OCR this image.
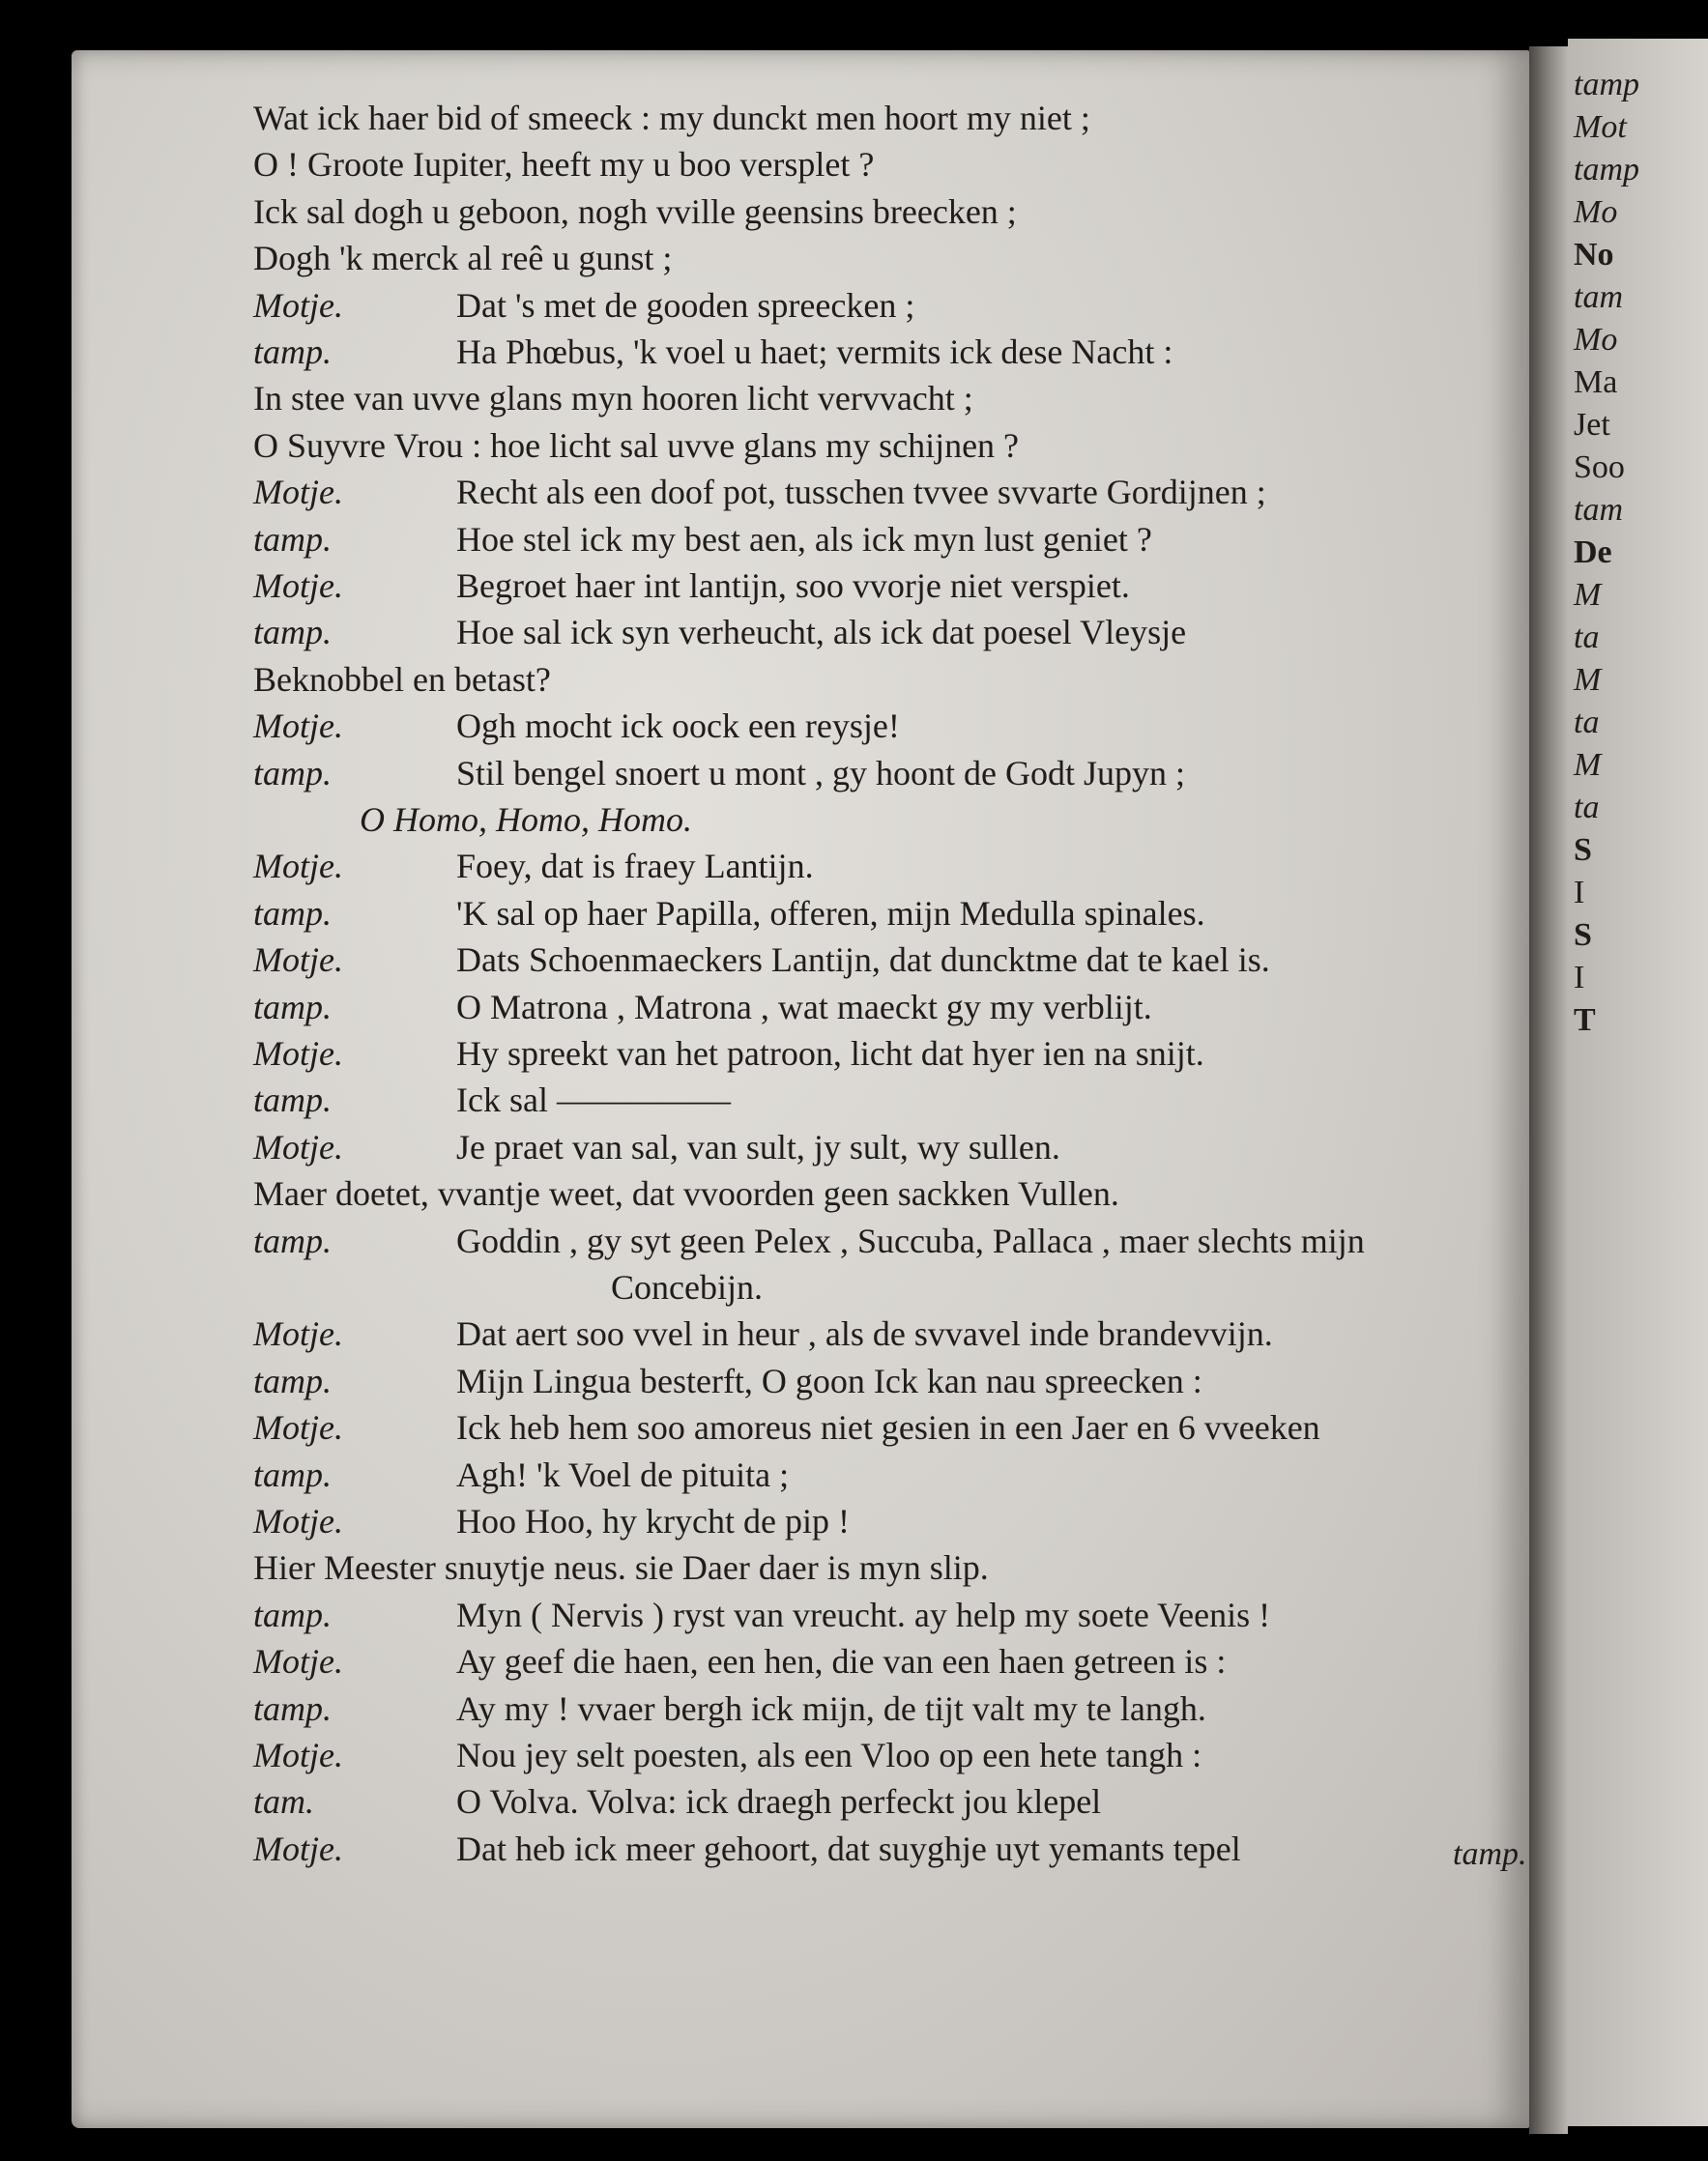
tamp
Mot
tamp
Mo
No
tam
Mo
Ma
Jet
Soo
tam
De
M
ta
M
ta
M
ta
S
I
S
I
T
Wat ick haer bid of smeeck : my dunckt men hoort my niet ;
O ! Groote Iupiter, heeft my u boo versplet ?
Ick sal dogh u geboon, nogh vville geensins breecken ;
Dogh 'k merck al reê u gunst ;
Motje.	Dat 's met de gooden spreecken ;
tamp.	Ha Phœbus, 'k voel u haet; vermits ick dese Nacht :
In stee van uvve glans myn hooren licht vervvacht ;
O Suyvre Vrou : hoe licht sal uvve glans my schijnen ?
Motje.	Recht als een doof pot, tusschen tvvee svvarte Gordijnen ;
tamp.	Hoe stel ick my best aen, als ick myn lust geniet ?
Motje.	Begroet haer int lantijn, soo vvorje niet verspiet.
tamp.	Hoe sal ick syn verheucht, als ick dat poesel Vleysje
Beknobbel en betast?
Motje.	Ogh mocht ick oock een reysje!
tamp.	Stil bengel snoert u mont , gy hoont de Godt Jupyn ;
O Homo, Homo, Homo.
Motje.	Foey, dat is fraey Lantijn.
tamp.	'K sal op haer Papilla, offeren, mijn Medulla spinales.
Motje.	Dats Schoenmaeckers Lantijn, dat duncktme dat te kael is.
tamp.	O Matrona , Matrona , wat maeckt gy my verblijt.
Motje.	Hy spreekt van het patroon, licht dat hyer ien na snijt.
tamp.	Ick sal —————
Motje.	Je praet van sal, van sult, jy sult, wy sullen.
Maer doetet, vvantje weet, dat vvoorden geen sackken Vullen.
tamp.	Goddin , gy syt geen Pelex , Succuba, Pallaca , maer slechts mijn
Concebijn.
Motje.	Dat aert soo vvel in heur , als de svvavel inde brandevvijn.
tamp.	Mijn Lingua besterft, O goon Ick kan nau spreecken :
Motje.	Ick heb hem soo amoreus niet gesien in een Jaer en 6 vveeken
tamp.	Agh! 'k Voel de pituita ;
Motje.	Hoo Hoo, hy krycht de pip !
Hier Meester snuytje neus. sie Daer daer is myn slip.
tamp.	Myn ( Nervis ) ryst van vreucht. ay help my soete Veenis !
Motje.	Ay geef die haen, een hen, die van een haen getreen is :
tamp.	Ay my ! vvaer bergh ick mijn, de tijt valt my te langh.
Motje.	Nou jey selt poesten, als een Vloo op een hete tangh :
tam.	O Volva. Volva: ick draegh perfeckt jou klepel
Motje.	Dat heb ick meer gehoort, dat suyghje uyt yemants tepel	tamp.
